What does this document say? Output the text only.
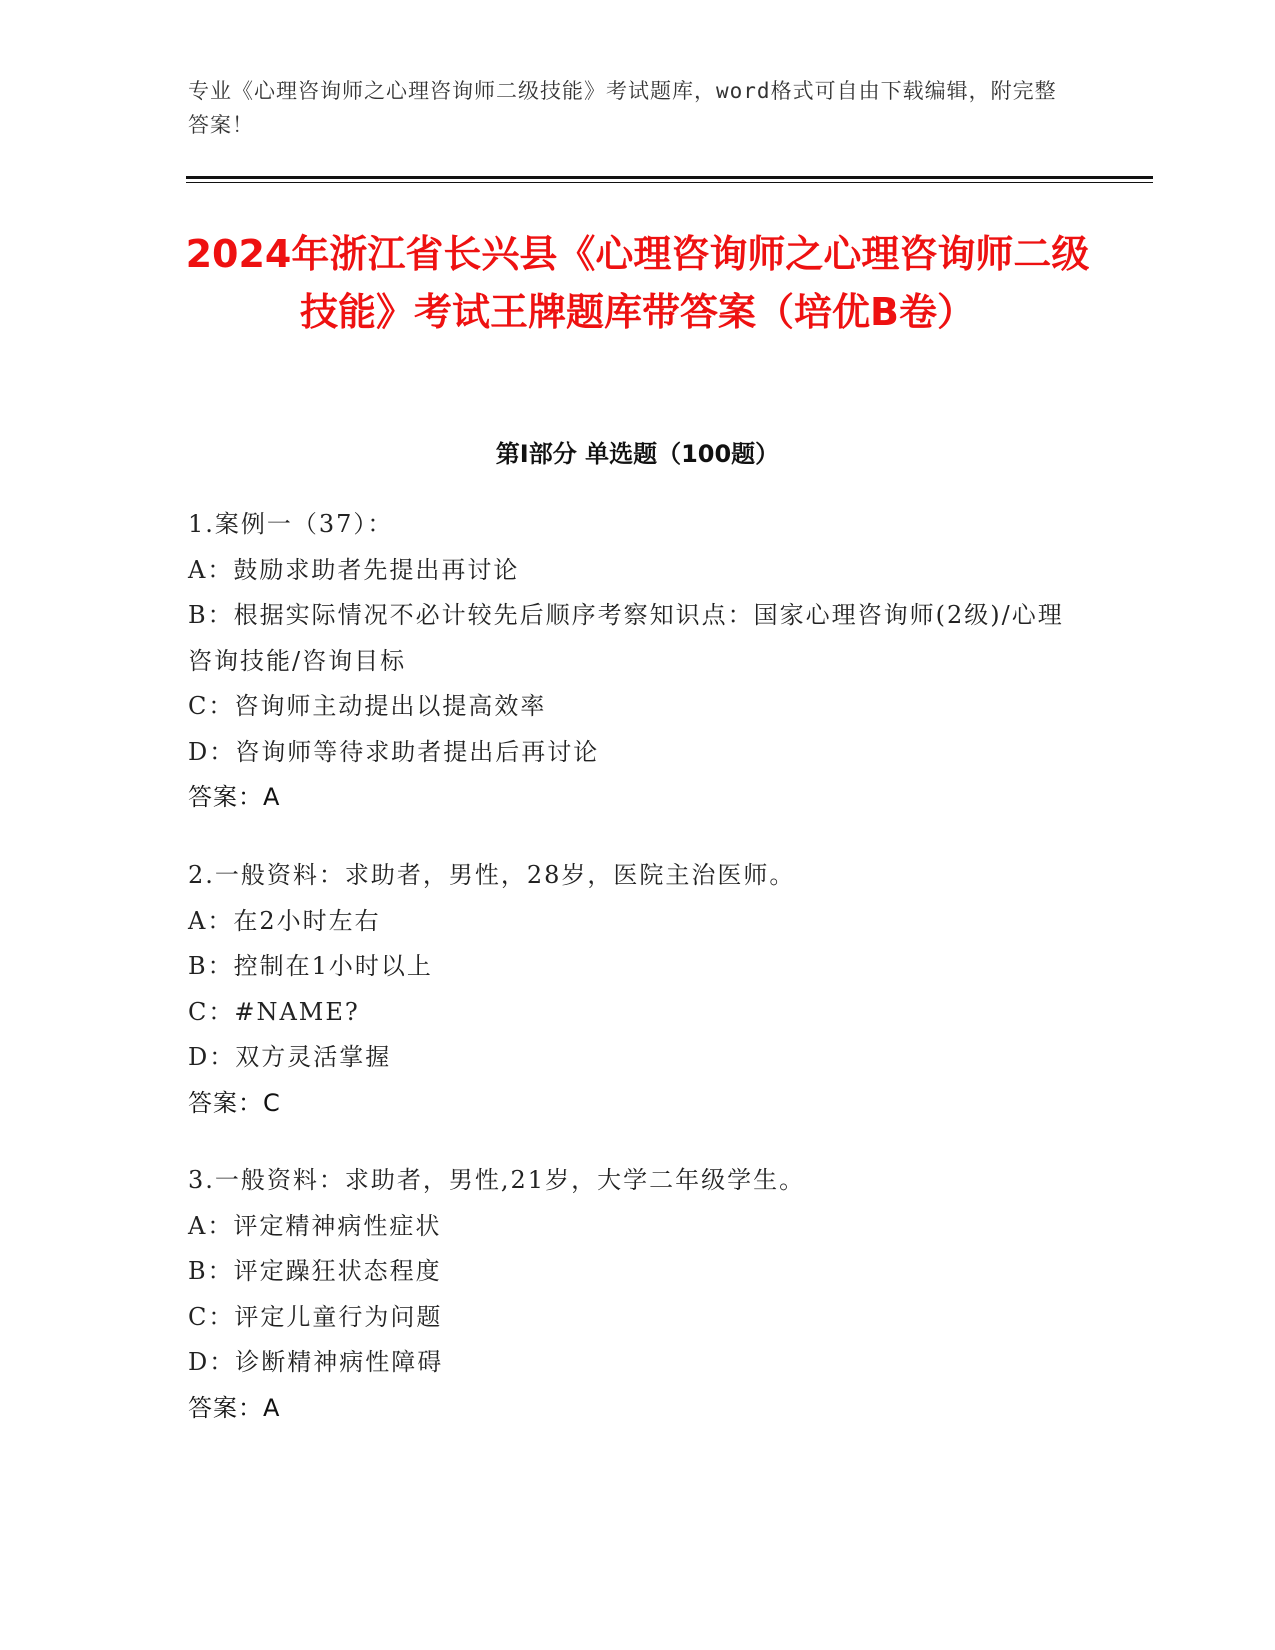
专业《心理咨询师之心理咨询师二级技能》考试题库，word格式可自由下载编辑，附完整答案！
2024年浙江省长兴县《心理咨询师之心理咨询师二级技能》考试王牌题库带答案（培优B卷）
第I部分 单选题（100题）
1.案例一（37）：
A：鼓励求助者先提出再讨论
B：根据实际情况不必计较先后顺序考察知识点：国家心理咨询师(2级)/心理咨询技能/咨询目标
C：咨询师主动提出以提高效率
D：咨询师等待求助者提出后再讨论
答案：A
2.一般资料：求助者，男性，28岁，医院主治医师。
A：在2小时左右
B：控制在1小时以上
C：#NAME?
D：双方灵活掌握
答案：C
3.一般资料：求助者，男性,21岁，大学二年级学生。
A：评定精神病性症状
B：评定躁狂状态程度
C：评定儿童行为问题
D：诊断精神病性障碍
答案：A
